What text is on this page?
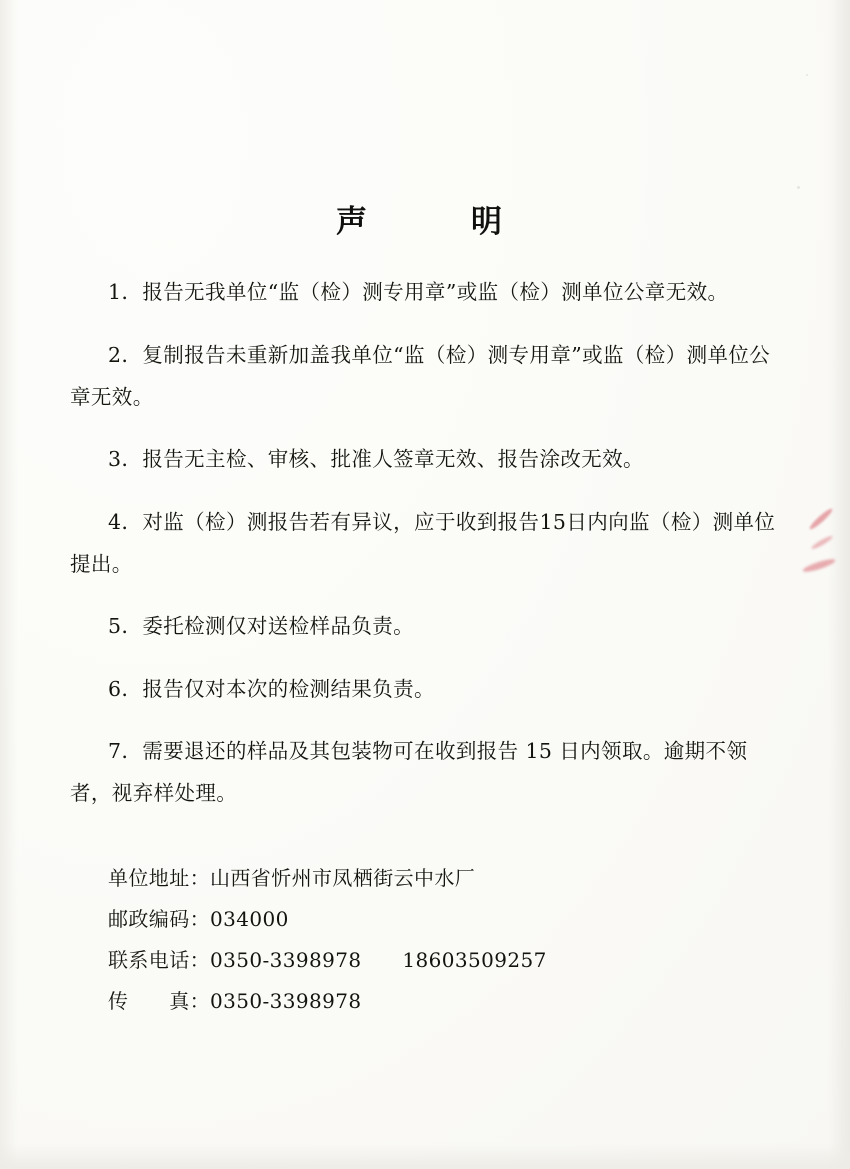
声　　明

1．报告无我单位“监（检）测专用章”或监（检）测单位公章无效。

2．复制报告未重新加盖我单位“监（检）测专用章”或监（检）测单位公章无效。

3．报告无主检、审核、批准人签章无效、报告涂改无效。

4．对监（检）测报告若有异议，应于收到报告15日内向监（检）测单位提出。

5．委托检测仅对送检样品负责。

6．报告仅对本次的检测结果负责。

7．需要退还的样品及其包装物可在收到报告 15 日内领取。逾期不领者，视弃样处理。

单位地址：山西省忻州市凤栖街云中水厂
邮政编码：034000
联系电话：0350-3398978　　18603509257
传　　真：0350-3398978
